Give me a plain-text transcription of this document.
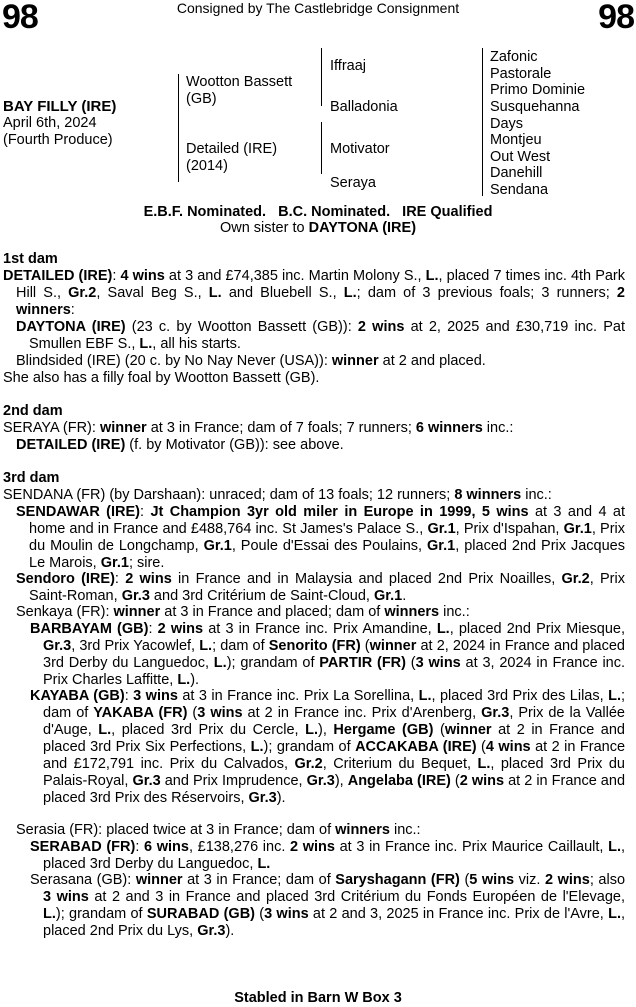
98	98
Consigned by The Castlebridge Consignment
BAY FILLY (IRE)
April 6th, 2024
(Fourth Produce)
Wootton Bassett
(GB)
Detailed (IRE)
(2014)
Iffraaj
Balladonia
Motivator
Seraya
Zafonic
Pastorale
Primo Dominie
Susquehanna
Days
Montjeu
Out West
Danehill
Sendana
E.B.F. Nominated.   B.C. Nominated.   IRE Qualified
Own sister to DAYTONA (IRE)
1st dam
DETAILED (IRE): 4 wins at 3 and £74,385 inc. Martin Molony S., L., placed 7 times inc. 4th Park Hill S., Gr.2, Saval Beg S., L. and Bluebell S., L.; dam of 3 previous foals; 3 runners; 2 winners:
DAYTONA (IRE) (23 c. by Wootton Bassett (GB)): 2 wins at 2, 2025 and £30,719 inc. Pat Smullen EBF S., L., all his starts.
Blindsided (IRE) (20 c. by No Nay Never (USA)): winner at 2 and placed.
She also has a filly foal by Wootton Bassett (GB).
2nd dam
SERAYA (FR): winner at 3 in France; dam of 7 foals; 7 runners; 6 winners inc.:
DETAILED (IRE) (f. by Motivator (GB)): see above.
3rd dam
SENDANA (FR) (by Darshaan): unraced; dam of 13 foals; 12 runners; 8 winners inc.:
SENDAWAR (IRE): Jt Champion 3yr old miler in Europe in 1999, 5 wins at 3 and 4 at home and in France and £488,764 inc. St James's Palace S., Gr.1, Prix d'Ispahan, Gr.1, Prix du Moulin de Longchamp, Gr.1, Poule d'Essai des Poulains, Gr.1, placed 2nd Prix Jacques Le Marois, Gr.1; sire.
Sendoro (IRE): 2 wins in France and in Malaysia and placed 2nd Prix Noailles, Gr.2, Prix Saint-Roman, Gr.3 and 3rd Critérium de Saint-Cloud, Gr.1.
Senkaya (FR): winner at 3 in France and placed; dam of winners inc.:
BARBAYAM (GB): 2 wins at 3 in France inc. Prix Amandine, L., placed 2nd Prix Miesque, Gr.3, 3rd Prix Yacowlef, L.; dam of Senorito (FR) (winner at 2, 2024 in France and placed 3rd Derby du Languedoc, L.); grandam of PARTIR (FR) (3 wins at 3, 2024 in France inc. Prix Charles Laffitte, L.).
KAYABA (GB): 3 wins at 3 in France inc. Prix La Sorellina, L., placed 3rd Prix des Lilas, L.; dam of YAKABA (FR) (3 wins at 2 in France inc. Prix d'Arenberg, Gr.3, Prix de la Vallée d'Auge, L., placed 3rd Prix du Cercle, L.), Hergame (GB) (winner at 2 in France and placed 3rd Prix Six Perfections, L.); grandam of ACCAKABA (IRE) (4 wins at 2 in France and £172,791 inc. Prix du Calvados, Gr.2, Criterium du Bequet, L., placed 3rd Prix du Palais-Royal, Gr.3 and Prix Imprudence, Gr.3), Angelaba (IRE) (2 wins at 2 in France and placed 3rd Prix des Réservoirs, Gr.3).
Serasia (FR): placed twice at 3 in France; dam of winners inc.:
SERABAD (FR): 6 wins, £138,276 inc. 2 wins at 3 in France inc. Prix Maurice Caillault, L., placed 3rd Derby du Languedoc, L.
Serasana (GB): winner at 3 in France; dam of Saryshagann (FR) (5 wins viz. 2 wins; also 3 wins at 2 and 3 in France and placed 3rd Critérium du Fonds Européen de l'Elevage, L.); grandam of SURABAD (GB) (3 wins at 2 and 3, 2025 in France inc. Prix de l'Avre, L., placed 2nd Prix du Lys, Gr.3).
Stabled in Barn W Box 3
